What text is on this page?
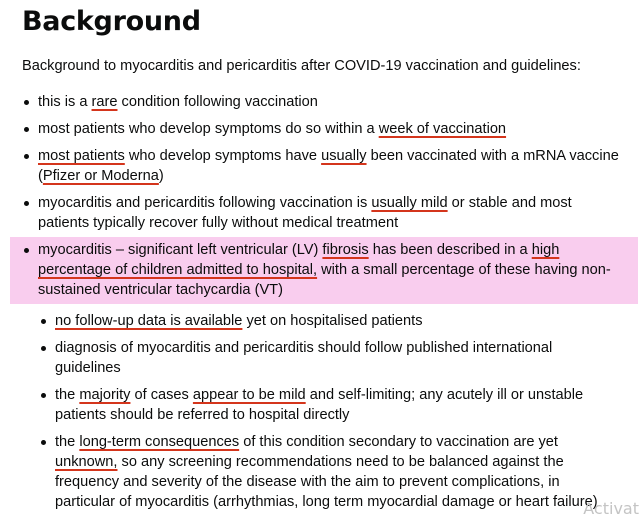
Background

Background to myocarditis and pericarditis after COVID-19 vaccination and guidelines:

this is a rare condition following vaccination
most patients who develop symptoms do so within a week of vaccination
most patients who develop symptoms have usually been vaccinated with a mRNA vaccine (Pfizer or Moderna)
myocarditis and pericarditis following vaccination is usually mild or stable and most patients typically recover fully without medical treatment
myocarditis – significant left ventricular (LV) fibrosis has been described in a high percentage of children admitted to hospital, with a small percentage of these having non-sustained ventricular tachycardia (VT)
no follow-up data is available yet on hospitalised patients
diagnosis of myocarditis and pericarditis should follow published international guidelines
the majority of cases appear to be mild and self-limiting; any acutely ill or unstable patients should be referred to hospital directly
the long-term consequences of this condition secondary to vaccination are yet unknown, so any screening recommendations need to be balanced against the frequency and severity of the disease with the aim to prevent complications, in particular of myocarditis (arrhythmias, long term myocardial damage or heart failure)
Activat
